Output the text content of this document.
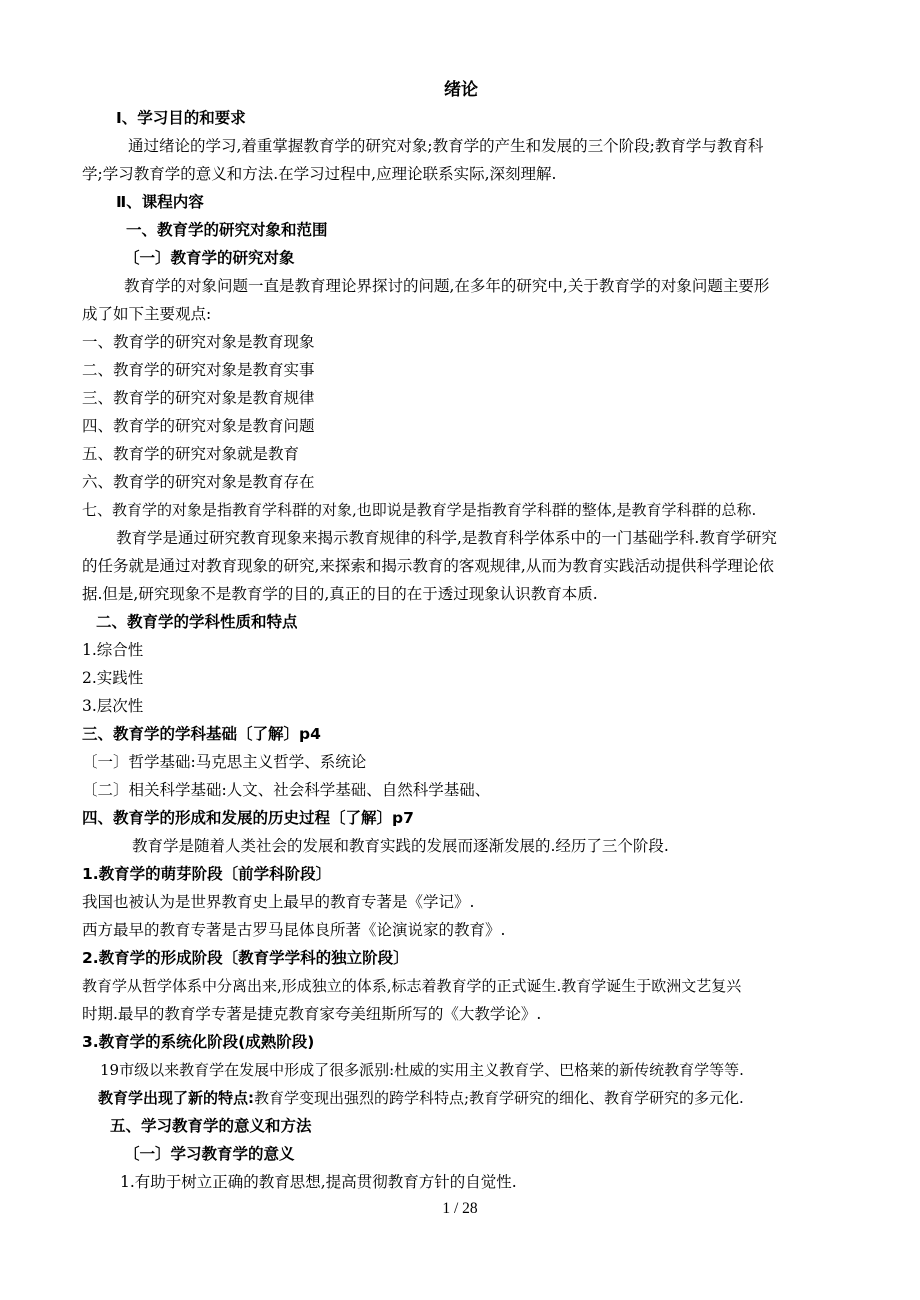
绪论
Ⅰ、学习目的和要求
通过绪论的学习,着重掌握教育学的研究对象;教育学的产生和发展的三个阶段;教育学与教育科
学;学习教育学的意义和方法.在学习过程中,应理论联系实际,深刻理解.
Ⅱ、课程内容
一、教育学的研究对象和范围
〔一〕教育学的研究对象
教育学的对象问题一直是教育理论界探讨的问题,在多年的研究中,关于教育学的对象问题主要形
成了如下主要观点:
一、教育学的研究对象是教育现象
二、教育学的研究对象是教育实事
三、教育学的研究对象是教育规律
四、教育学的研究对象是教育问题
五、教育学的研究对象就是教育
六、教育学的研究对象是教育存在
七、教育学的对象是指教育学科群的对象,也即说是教育学是指教育学科群的整体,是教育学科群的总称.
教育学是通过研究教育现象来揭示教育规律的科学,是教育科学体系中的一门基础学科.教育学研究
的任务就是通过对教育现象的研究,来探索和揭示教育的客观规律,从而为教育实践活动提供科学理论依
据.但是,研究现象不是教育学的目的,真正的目的在于透过现象认识教育本质.
二、教育学的学科性质和特点
1.综合性
2.实践性
3.层次性
三、教育学的学科基础〔了解〕p4
〔一〕哲学基础:马克思主义哲学、系统论
〔二〕相关科学基础:人文、社会科学基础、自然科学基础、
四、教育学的形成和发展的历史过程〔了解〕p7
教育学是随着人类社会的发展和教育实践的发展而逐渐发展的.经历了三个阶段.
1.教育学的萌芽阶段〔前学科阶段〕
我国也被认为是世界教育史上最早的教育专著是《学记》.
西方最早的教育专著是古罗马昆体良所著《论演说家的教育》.
2.教育学的形成阶段〔教育学学科的独立阶段〕
教育学从哲学体系中分离出来,形成独立的体系,标志着教育学的正式诞生.教育学诞生于欧洲文艺复兴
时期.最早的教育学专著是捷克教育家夸美纽斯所写的《大教学论》.
3.教育学的系统化阶段(成熟阶段)
19市级以来教育学在发展中形成了很多派别:杜威的实用主义教育学、巴格莱的新传统教育学等等.
教育学出现了新的特点:教育学变现出强烈的跨学科特点;教育学研究的细化、教育学研究的多元化.
五、学习教育学的意义和方法
〔一〕学习教育学的意义
1.有助于树立正确的教育思想,提高贯彻教育方针的自觉性.
1 / 28
